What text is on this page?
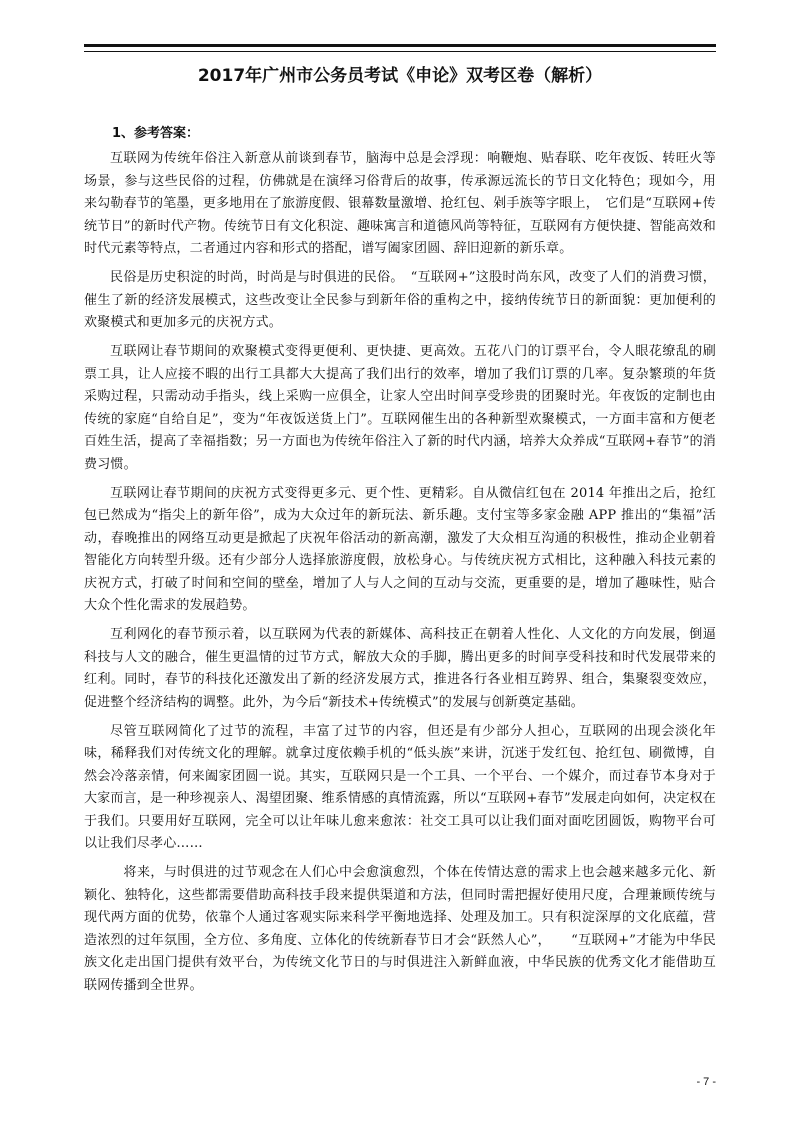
2017年广州市公务员考试《申论》双考区卷（解析）
1、参考答案：

互联网为传统年俗注入新意从前谈到春节，脑海中总是会浮现：响鞭炮、贴春联、吃年夜饭、转旺火等场景，参与这些民俗的过程，仿佛就是在演绎习俗背后的故事，传承源远流长的节日文化特色；现如今，用来勾勒春节的笔墨，更多地用在了旅游度假、银幕数量激增、抢红包、剁手族等字眼上，　它们是“互联网+传统节日”的新时代产物。传统节日有文化积淀、趣味寓言和道德风尚等特征，互联网有方便快捷、智能高效和时代元素等特点，二者通过内容和形式的搭配，谱写阖家团圆、辞旧迎新的新乐章。

民俗是历史积淀的时尚，时尚是与时俱进的民俗。　“互联网+”这股时尚东风，改变了人们的消费习惯，催生了新的经济发展模式，这些改变让全民参与到新年俗的重构之中，接纳传统节日的新面貌：更加便利的欢聚模式和更加多元的庆祝方式。

互联网让春节期间的欢聚模式变得更便利、更快捷、更高效。五花八门的订票平台，令人眼花缭乱的刷票工具，让人应接不暇的出行工具都大大提高了我们出行的效率，增加了我们订票的几率。复杂繁琐的年货采购过程，只需动动手指头，线上采购一应俱全，让家人空出时间享受珍贵的团聚时光。年夜饭的定制也由传统的家庭“自给自足”，变为“年夜饭送货上门”。互联网催生出的各种新型欢聚模式，一方面丰富和方便老百姓生活，提高了幸福指数；另一方面也为传统年俗注入了新的时代内涵，培养大众养成“互联网+春节”的消费习惯。

互联网让春节期间的庆祝方式变得更多元、更个性、更精彩。自从微信红包在 2014 年推出之后，抢红包已然成为“指尖上的新年俗”，成为大众过年的新玩法、新乐趣。支付宝等多家金融 APP 推出的“集福”活动，春晚推出的网络互动更是掀起了庆祝年俗活动的新高潮，激发了大众相互沟通的积极性，推动企业朝着智能化方向转型升级。还有少部分人选择旅游度假，放松身心。与传统庆祝方式相比，这种融入科技元素的庆祝方式，打破了时间和空间的壁垒，增加了人与人之间的互动与交流，更重要的是，增加了趣味性，贴合大众个性化需求的发展趋势。

互利网化的春节预示着，以互联网为代表的新媒体、高科技正在朝着人性化、人文化的方向发展，倒逼科技与人文的融合，催生更温情的过节方式，解放大众的手脚，腾出更多的时间享受科技和时代发展带来的红利。同时，春节的科技化还激发出了新的经济发展方式，推进各行各业相互跨界、组合，集聚裂变效应，促进整个经济结构的调整。此外，为今后“新技术+传统模式”的发展与创新奠定基础。

尽管互联网简化了过节的流程，丰富了过节的内容，但还是有少部分人担心，互联网的出现会淡化年味，稀释我们对传统文化的理解。就拿过度依赖手机的“低头族”来讲，沉迷于发红包、抢红包、刷微博，自然会冷落亲情，何来阖家团圆一说。其实，互联网只是一个工具、一个平台、一个媒介，而过春节本身对于大家而言，是一种珍视亲人、渴望团聚、维系情感的真情流露，所以“互联网+春节”发展走向如何，决定权在于我们。只要用好互联网，完全可以让年味儿愈来愈浓：社交工具可以让我们面对面吃团圆饭，购物平台可以让我们尽孝心……

　将来，与时俱进的过节观念在人们心中会愈演愈烈，个体在传情达意的需求上也会越来越多元化、新颖化、独特化，这些都需要借助高科技手段来提供渠道和方法，但同时需把握好使用尺度，合理兼顾传统与现代两方面的优势，依靠个人通过客观实际来科学平衡地选择、处理及加工。只有积淀深厚的文化底蕴，营造浓烈的过年氛围，全方位、多角度、立体化的传统新春节日才会“跃然人心”，　　“互联网+”才能为中华民族文化走出国门提供有效平台，为传统文化节日的与时俱进注入新鲜血液，中华民族的优秀文化才能借助互联网传播到全世界。

- 7 -
